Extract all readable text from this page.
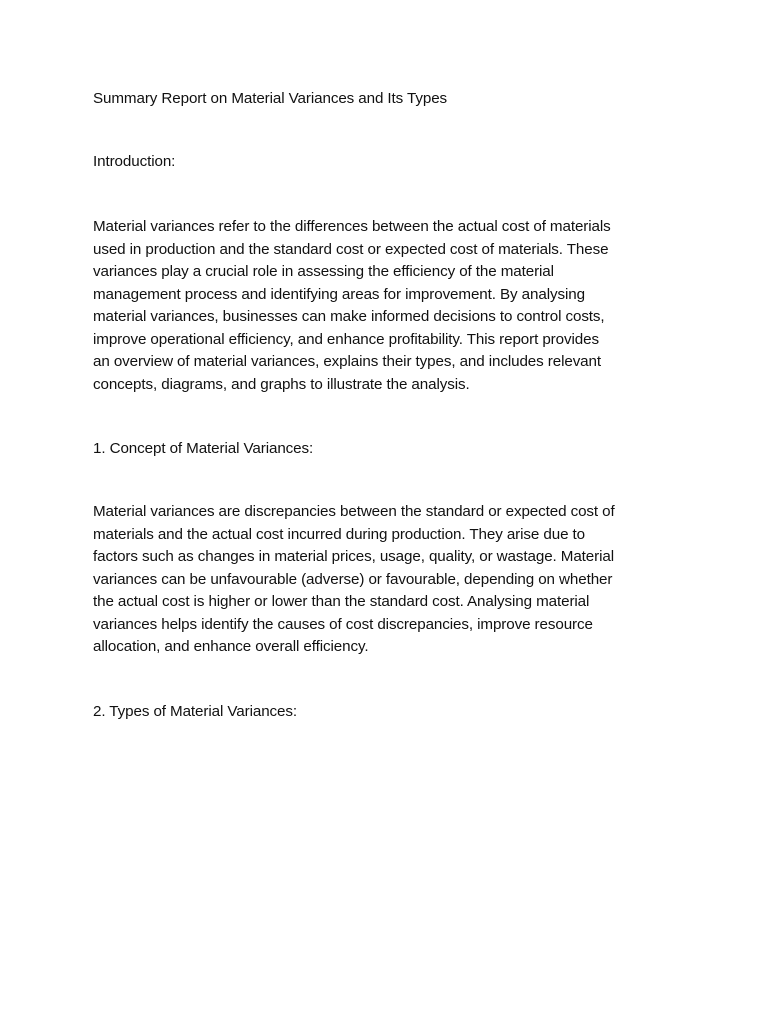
Summary Report on Material Variances and Its Types
Introduction:
Material variances refer to the differences between the actual cost of materials
used in production and the standard cost or expected cost of materials. These
variances play a crucial role in assessing the efficiency of the material
management process and identifying areas for improvement. By analysing
material variances, businesses can make informed decisions to control costs,
improve operational efficiency, and enhance profitability. This report provides
an overview of material variances, explains their types, and includes relevant
concepts, diagrams, and graphs to illustrate the analysis.
1. Concept of Material Variances:
Material variances are discrepancies between the standard or expected cost of
materials and the actual cost incurred during production. They arise due to
factors such as changes in material prices, usage, quality, or wastage. Material
variances can be unfavourable (adverse) or favourable, depending on whether
the actual cost is higher or lower than the standard cost. Analysing material
variances helps identify the causes of cost discrepancies, improve resource
allocation, and enhance overall efficiency.
2. Types of Material Variances:
